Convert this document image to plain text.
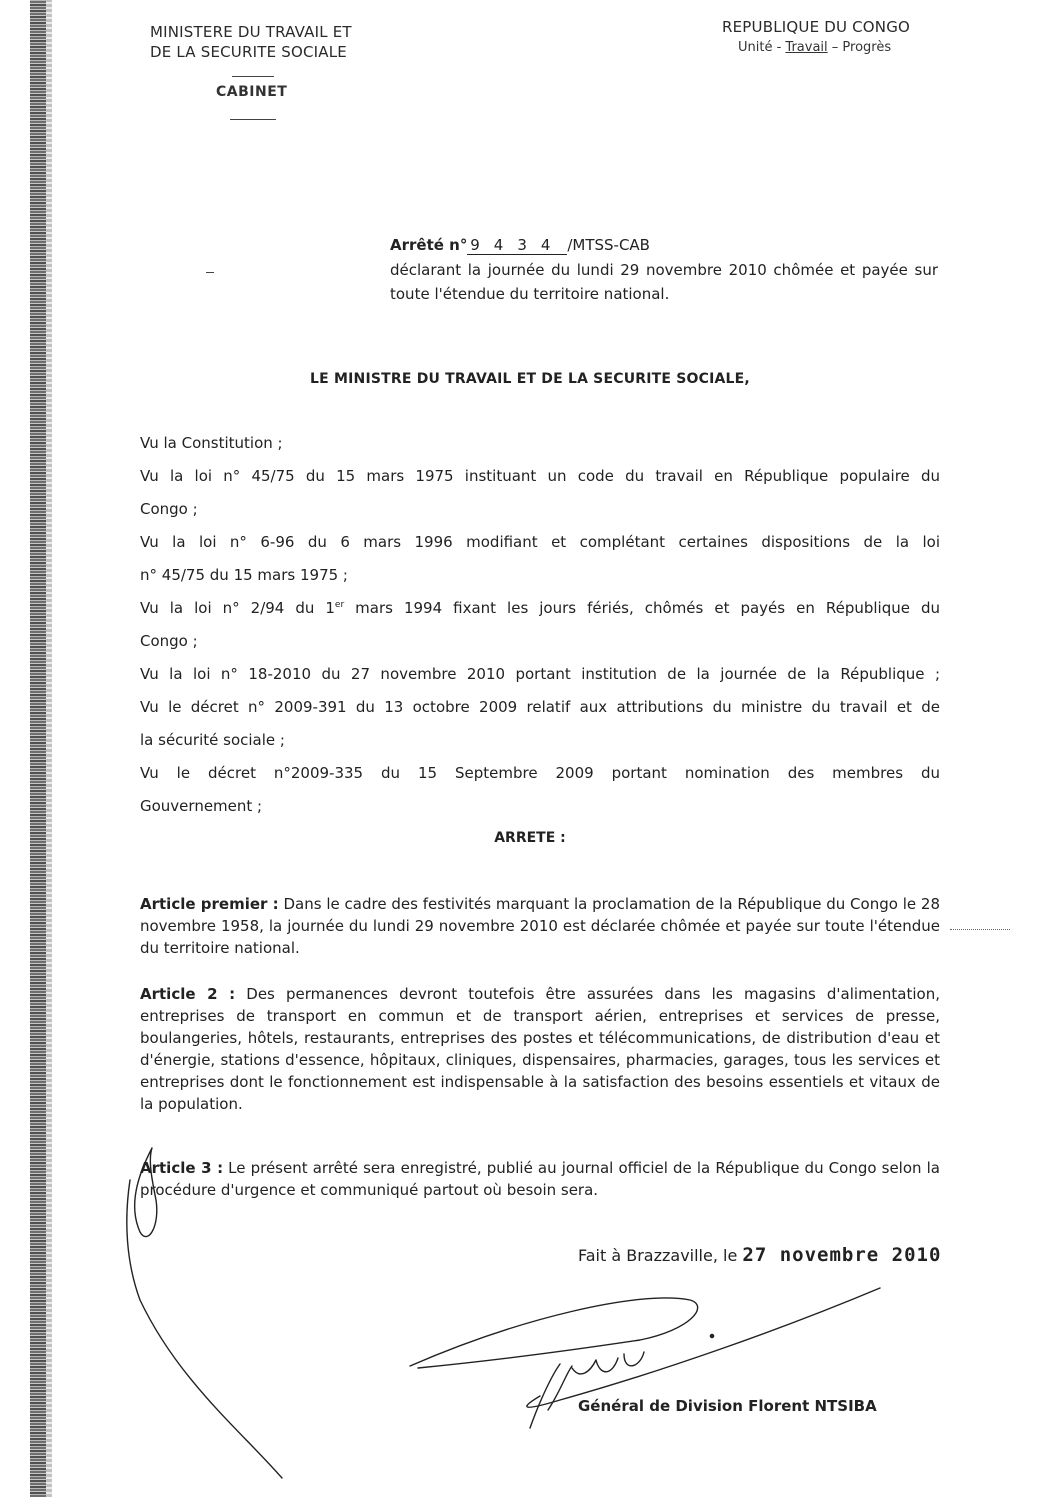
MINISTERE DU TRAVAIL ET
DE LA SECURITE SOCIALE
CABINET
REPUBLIQUE DU CONGO
Unité - Travail – Progrès
Arrêté n° 9434 /MTSS-CAB
déclarant la journée du lundi 29 novembre 2010 chômée et payée sur toute l'étendue du territoire national.
LE MINISTRE DU TRAVAIL ET DE LA SECURITE SOCIALE,

Vu la Constitution ;

Vu la loi n° 45/75 du 15 mars 1975 instituant un code du travail en République populaire du

Congo ;

Vu la loi n° 6-96 du 6 mars 1996 modifiant et complétant certaines dispositions de la loi

n° 45/75 du 15 mars 1975 ;

Vu la loi n° 2/94 du 1er mars 1994 fixant les jours fériés, chômés et payés en République du

Congo ;

Vu la loi n° 18-2010 du 27 novembre 2010 portant institution de la journée de la République ;

Vu le décret n° 2009-391 du 13 octobre 2009 relatif aux attributions du ministre du travail et de

la sécurité sociale ;

Vu le décret n°2009-335 du 15 Septembre 2009 portant nomination des membres du

Gouvernement ;

ARRETE :
Article premier : Dans le cadre des festivités marquant la proclamation de la République du Congo le 28 novembre 1958, la journée du lundi 29 novembre 2010 est déclarée chômée et payée sur toute l'étendue du territoire national.
Article 2 : Des permanences devront toutefois être assurées dans les magasins d'alimentation, entreprises de transport en commun et de transport aérien, entreprises et services de presse, boulangeries, hôtels, restaurants, entreprises des postes et télécommunications, de distribution d'eau et d'énergie, stations d'essence, hôpitaux, cliniques, dispensaires, pharmacies, garages, tous les services et entreprises dont le fonctionnement est indispensable à la satisfaction des besoins essentiels et vitaux de la population.
Article 3 : Le présent arrêté sera enregistré, publié au journal officiel de la République du Congo selon la procédure d'urgence et communiqué partout où besoin sera.
Fait à Brazzaville, le 27 novembre 2010
Général de Division Florent NTSIBA
